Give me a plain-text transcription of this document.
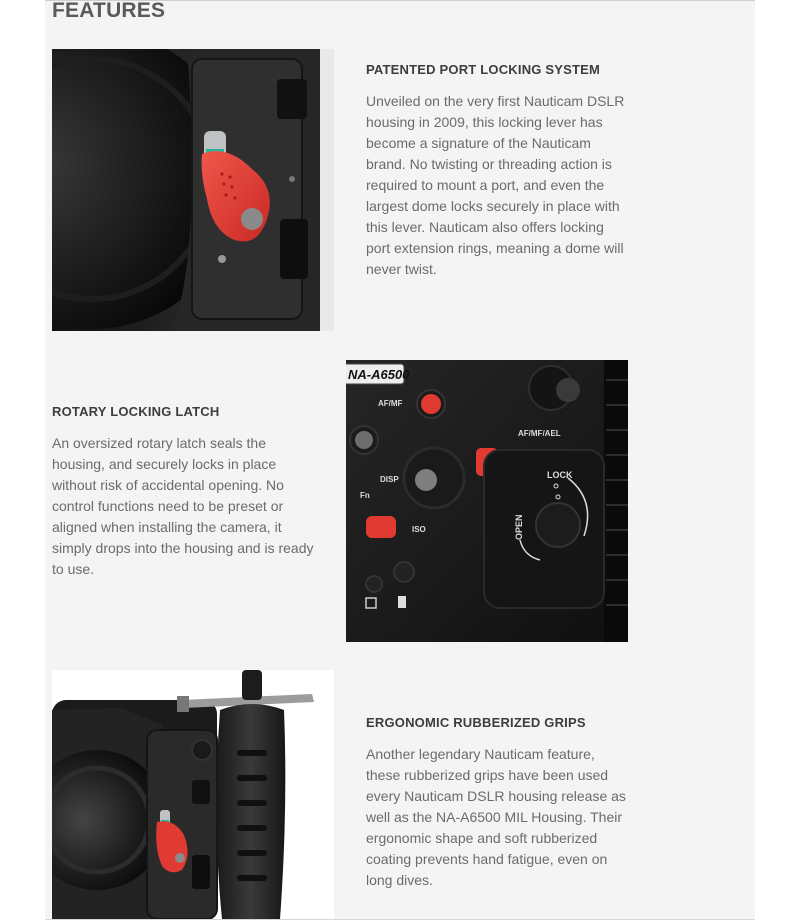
FEATURES
PATENTED PORT LOCKING SYSTEM

Unveiled on the very first Nauticam DSLR housing in 2009, this locking lever has become a signature of the Nauticam brand. No twisting or threading action is required to mount a port, and even the largest dome locks securely in place with this lever. Nauticam also offers locking port extension rings, meaning a dome will never twist.

NA-A6500
AF/MF
AF/MF/AEL
DISP
Fn
LOCK
OPEN
ISO
ROTARY LOCKING LATCH

An oversized rotary latch seals the housing, and securely locks in place without risk of accidental opening. No control functions need to be preset or aligned when installing the camera, it simply drops into the housing and is ready to use.

ERGONOMIC RUBBERIZED GRIPS

Another legendary Nauticam feature, these rubberized grips have been used every Nauticam DSLR housing release as well as the NA-A6500 MIL Housing. Their ergonomic shape and soft rubberized coating prevents hand fatigue, even on long dives.
